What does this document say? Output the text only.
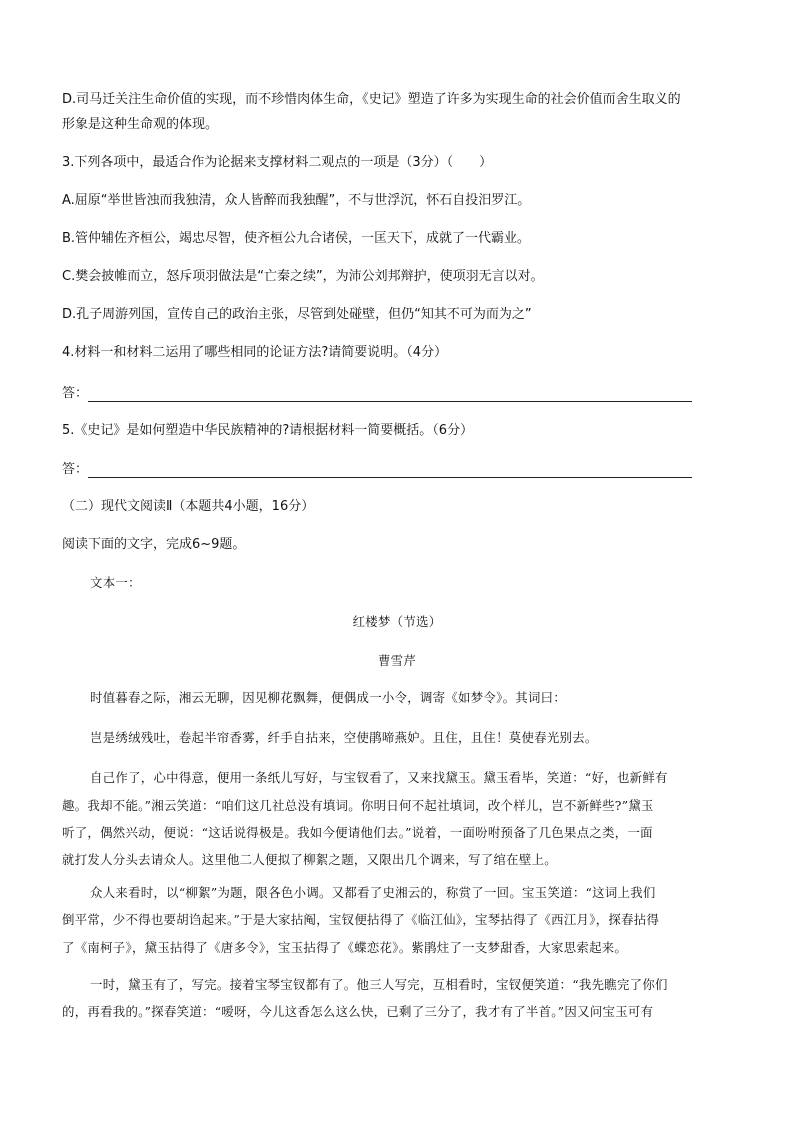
D.司马迁关注生命价值的实现，而不珍惜肉体生命，《史记》塑造了许多为实现生命的社会价值而舍生取义的
形象是这种生命观的体现。
3.下列各项中，最适合作为论据来支撑材料二观点的一项是（3分）（　　）
A.屈原“举世皆浊而我独清，众人皆醉而我独醒”，不与世浮沉，怀石自投汨罗江。
B.管仲辅佐齐桓公，竭忠尽智，使齐桓公九合诸侯，一匡天下，成就了一代霸业。
C.樊会披帷而立，怒斥项羽做法是“亡秦之续”，为沛公刘邦辩护，使项羽无言以对。
D.孔子周游列国，宣传自己的政治主张，尽管到处碰壁，但仍“知其不可为而为之”
4.材料一和材料二运用了哪些相同的论证方法?请简要说明。（4分）
答：
5.《史记》是如何塑造中华民族精神的?请根据材料一简要概括。（6分）
答：
（二）现代文阅读Ⅱ（本题共4小题，16分）
阅读下面的文字，完成6~9题。
文本一：
红楼梦（节选）
曹雪芹
时值暮春之际，湘云无聊，因见柳花飘舞，便偶成一小令，调寄《如梦令》。其词曰：
岂是绣绒残吐，卷起半帘香雾，纤手自拈来，空使鹃啼燕妒。且住，且住！莫使春光别去。
自己作了，心中得意，便用一条纸儿写好，与宝钗看了，又来找黛玉。黛玉看毕，笑道：“好，也新鲜有
趣。我却不能。”湘云笑道：“咱们这几社总没有填词。你明日何不起社填词，改个样儿，岂不新鲜些?”黛玉
听了，偶然兴动，便说：“这话说得极是。我如今便请他们去。”说着，一面吩咐预备了几色果点之类，一面
就打发人分头去请众人。这里他二人便拟了柳絮之题，又限出几个调来，写了绾在壁上。
众人来看时，以“柳絮”为题，限各色小调。又都看了史湘云的，称赏了一回。宝玉笑道：“这词上我们
倒平常，少不得也要胡诌起来。”于是大家拈阄，宝钗便拈得了《临江仙》，宝琴拈得了《西江月》，探春拈得
了《南柯子》，黛玉拈得了《唐多令》，宝玉拈得了《蝶恋花》。紫鹃炷了一支梦甜香，大家思索起来。
一时，黛玉有了，写完。接着宝琴宝钗都有了。他三人写完，互相看时，宝钗便笑道：“我先瞧完了你们
的，再看我的。”探春笑道：“嗳呀，今儿这香怎么这么快，已剩了三分了，我才有了半首。”因又问宝玉可有
